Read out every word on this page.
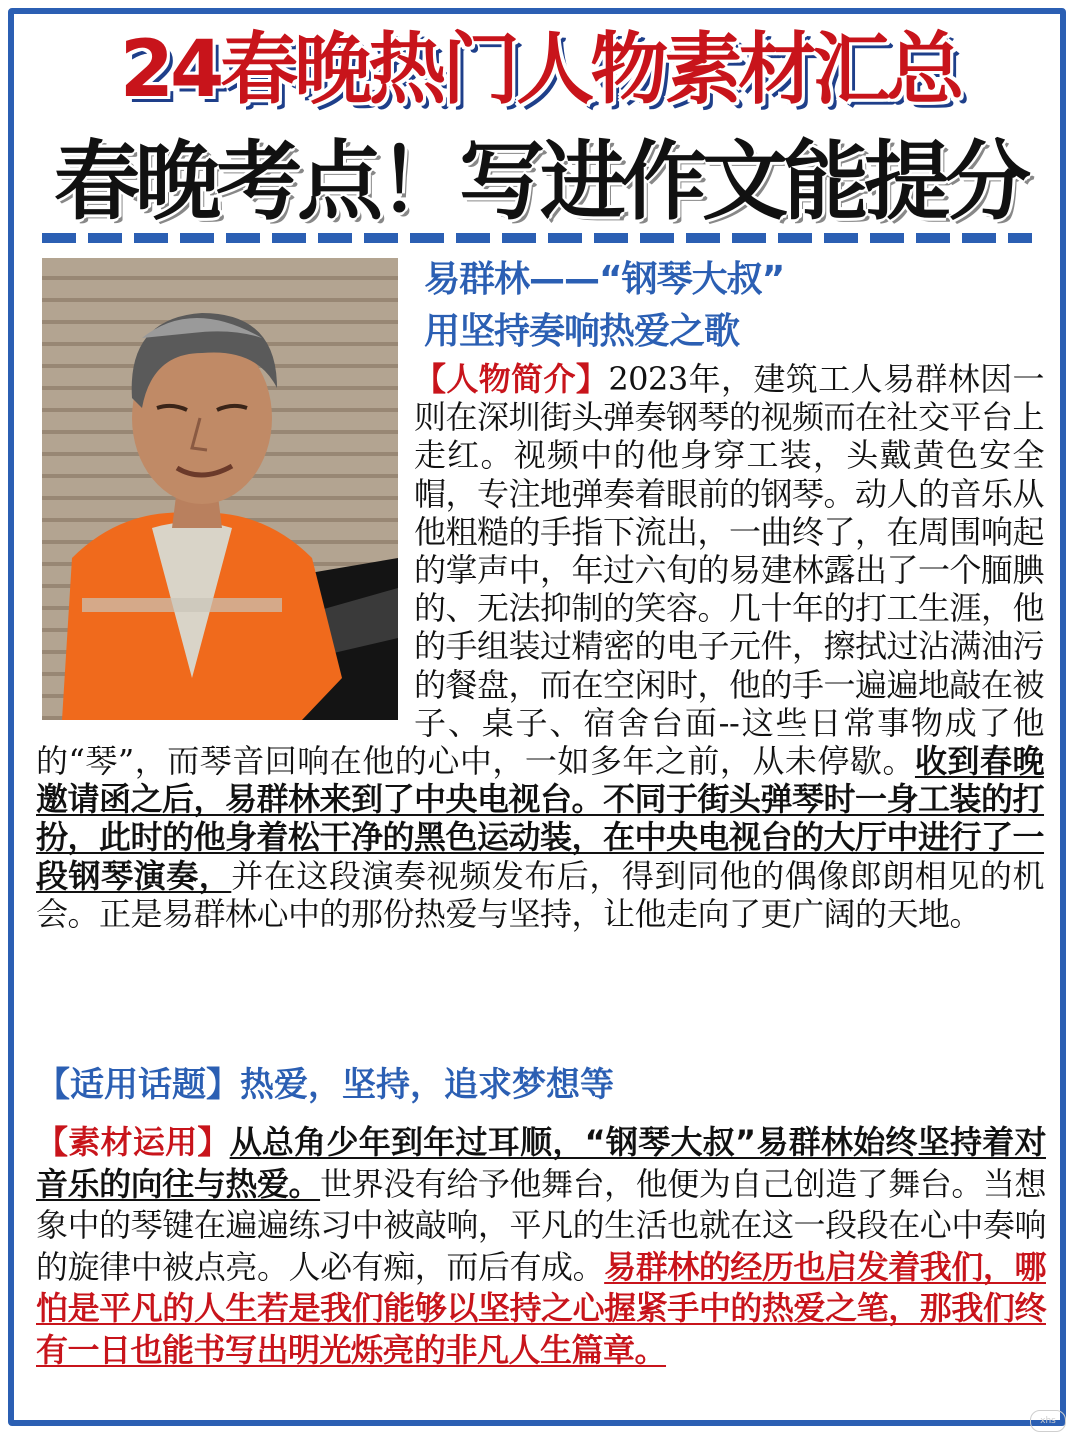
24春晚热门人物素材汇总
春晚考点！写进作文能提分
易群林——“钢琴大叔”
用坚持奏响热爱之歌
【人物简介】2023年，建筑工人易群林因一则在深圳街头弹奏钢琴的视频而在社交平台上走红。视频中的他身穿工装，头戴黄色安全帽，专注地弹奏着眼前的钢琴。动人的音乐从他粗糙的手指下流出，一曲终了，在周围响起的掌声中，年过六旬的易建林露出了一个腼腆的、无法抑制的笑容。几十年的打工生涯，他的手组装过精密的电子元件，擦拭过沾满油污的餐盘，而在空闲时，他的手一遍遍地敲在被子、桌子、宿舍台面--这些日常事物成了他的“琴”，而琴音回响在他的心中，一如多年之前，从未停歇。收到春晚邀请函之后，易群林来到了中央电视台。不同于街头弹琴时一身工装的打扮，此时的他身着松干净的黑色运动装，在中央电视台的大厅中进行了一段钢琴演奏，并在这段演奏视频发布后，得到同他的偶像郎朗相见的机会。正是易群林心中的那份热爱与坚持，让他走向了更广阔的天地。
【适用话题】热爱，坚持，追求梦想等
【素材运用】从总角少年到年过耳顺，“钢琴大叔”易群林始终坚持着对音乐的向往与热爱。世界没有给予他舞台，他便为自己创造了舞台。当想象中的琴键在遍遍练习中被敲响，平凡的生活也就在这一段段在心中奏响的旋律中被点亮。人必有痴，而后有成。易群林的经历也启发着我们，哪怕是平凡的人生若是我们能够以坚持之心握紧手中的热爱之笔，那我们终有一日也能书写出明光烁亮的非凡人生篇章。
xhs
